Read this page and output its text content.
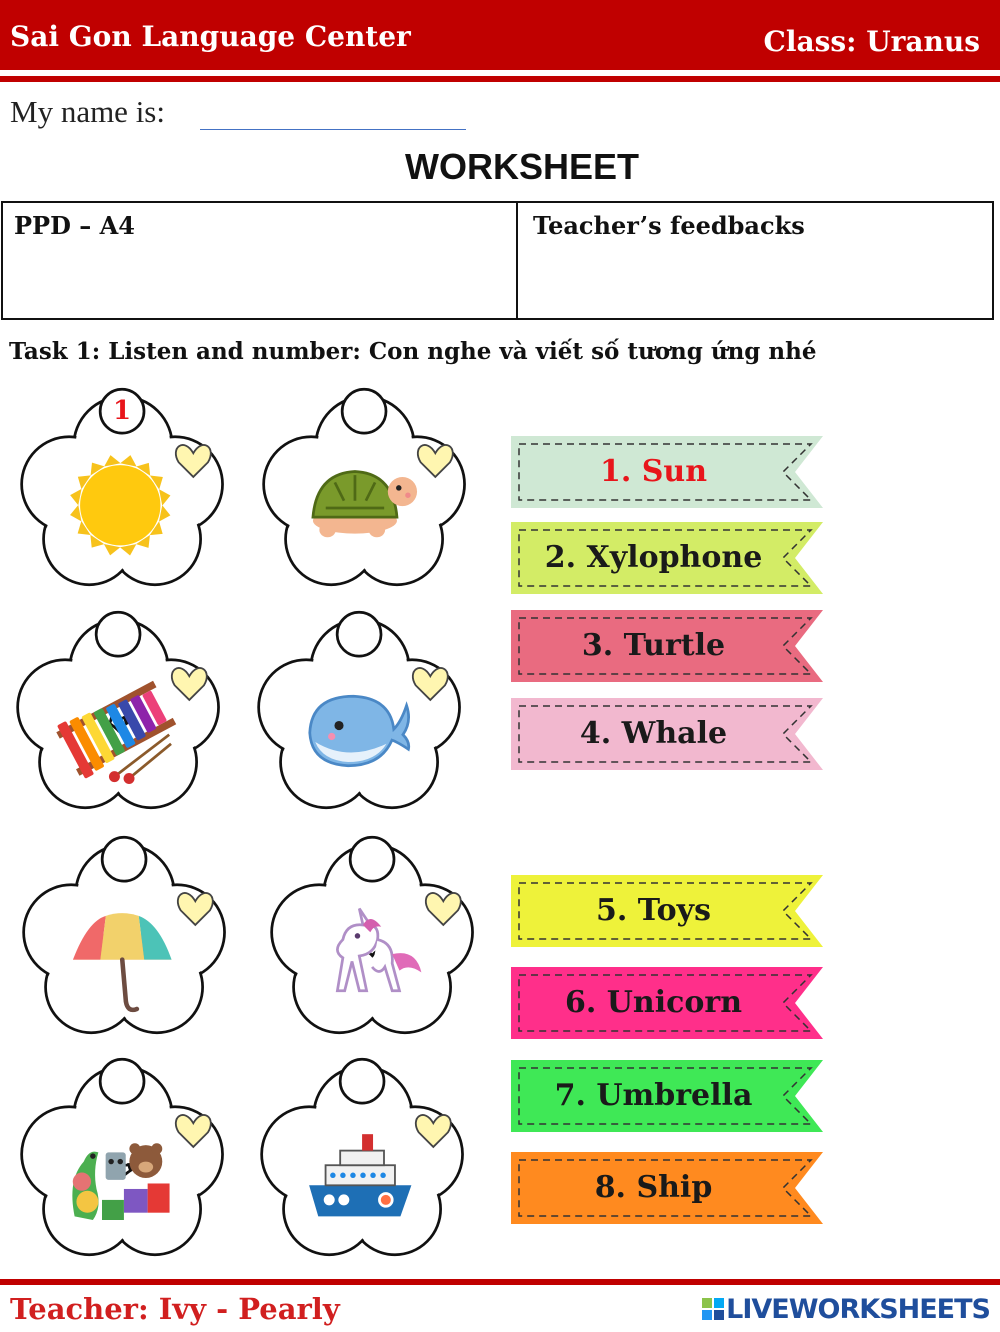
Sai Gon Language Center	Class: Uranus
My name is:
WORKSHEET
PPD – A4	Teacher’s feedbacks
Task 1: Listen and number: Con nghe và viết số tương ứng nhé
1
1. Sun
2. Xylophone
3. Turtle
4. Whale
5. Toys
6. Unicorn
7. Umbrella
8. Ship
Teacher: Ivy - Pearly	LIVEWORKSHEETS
